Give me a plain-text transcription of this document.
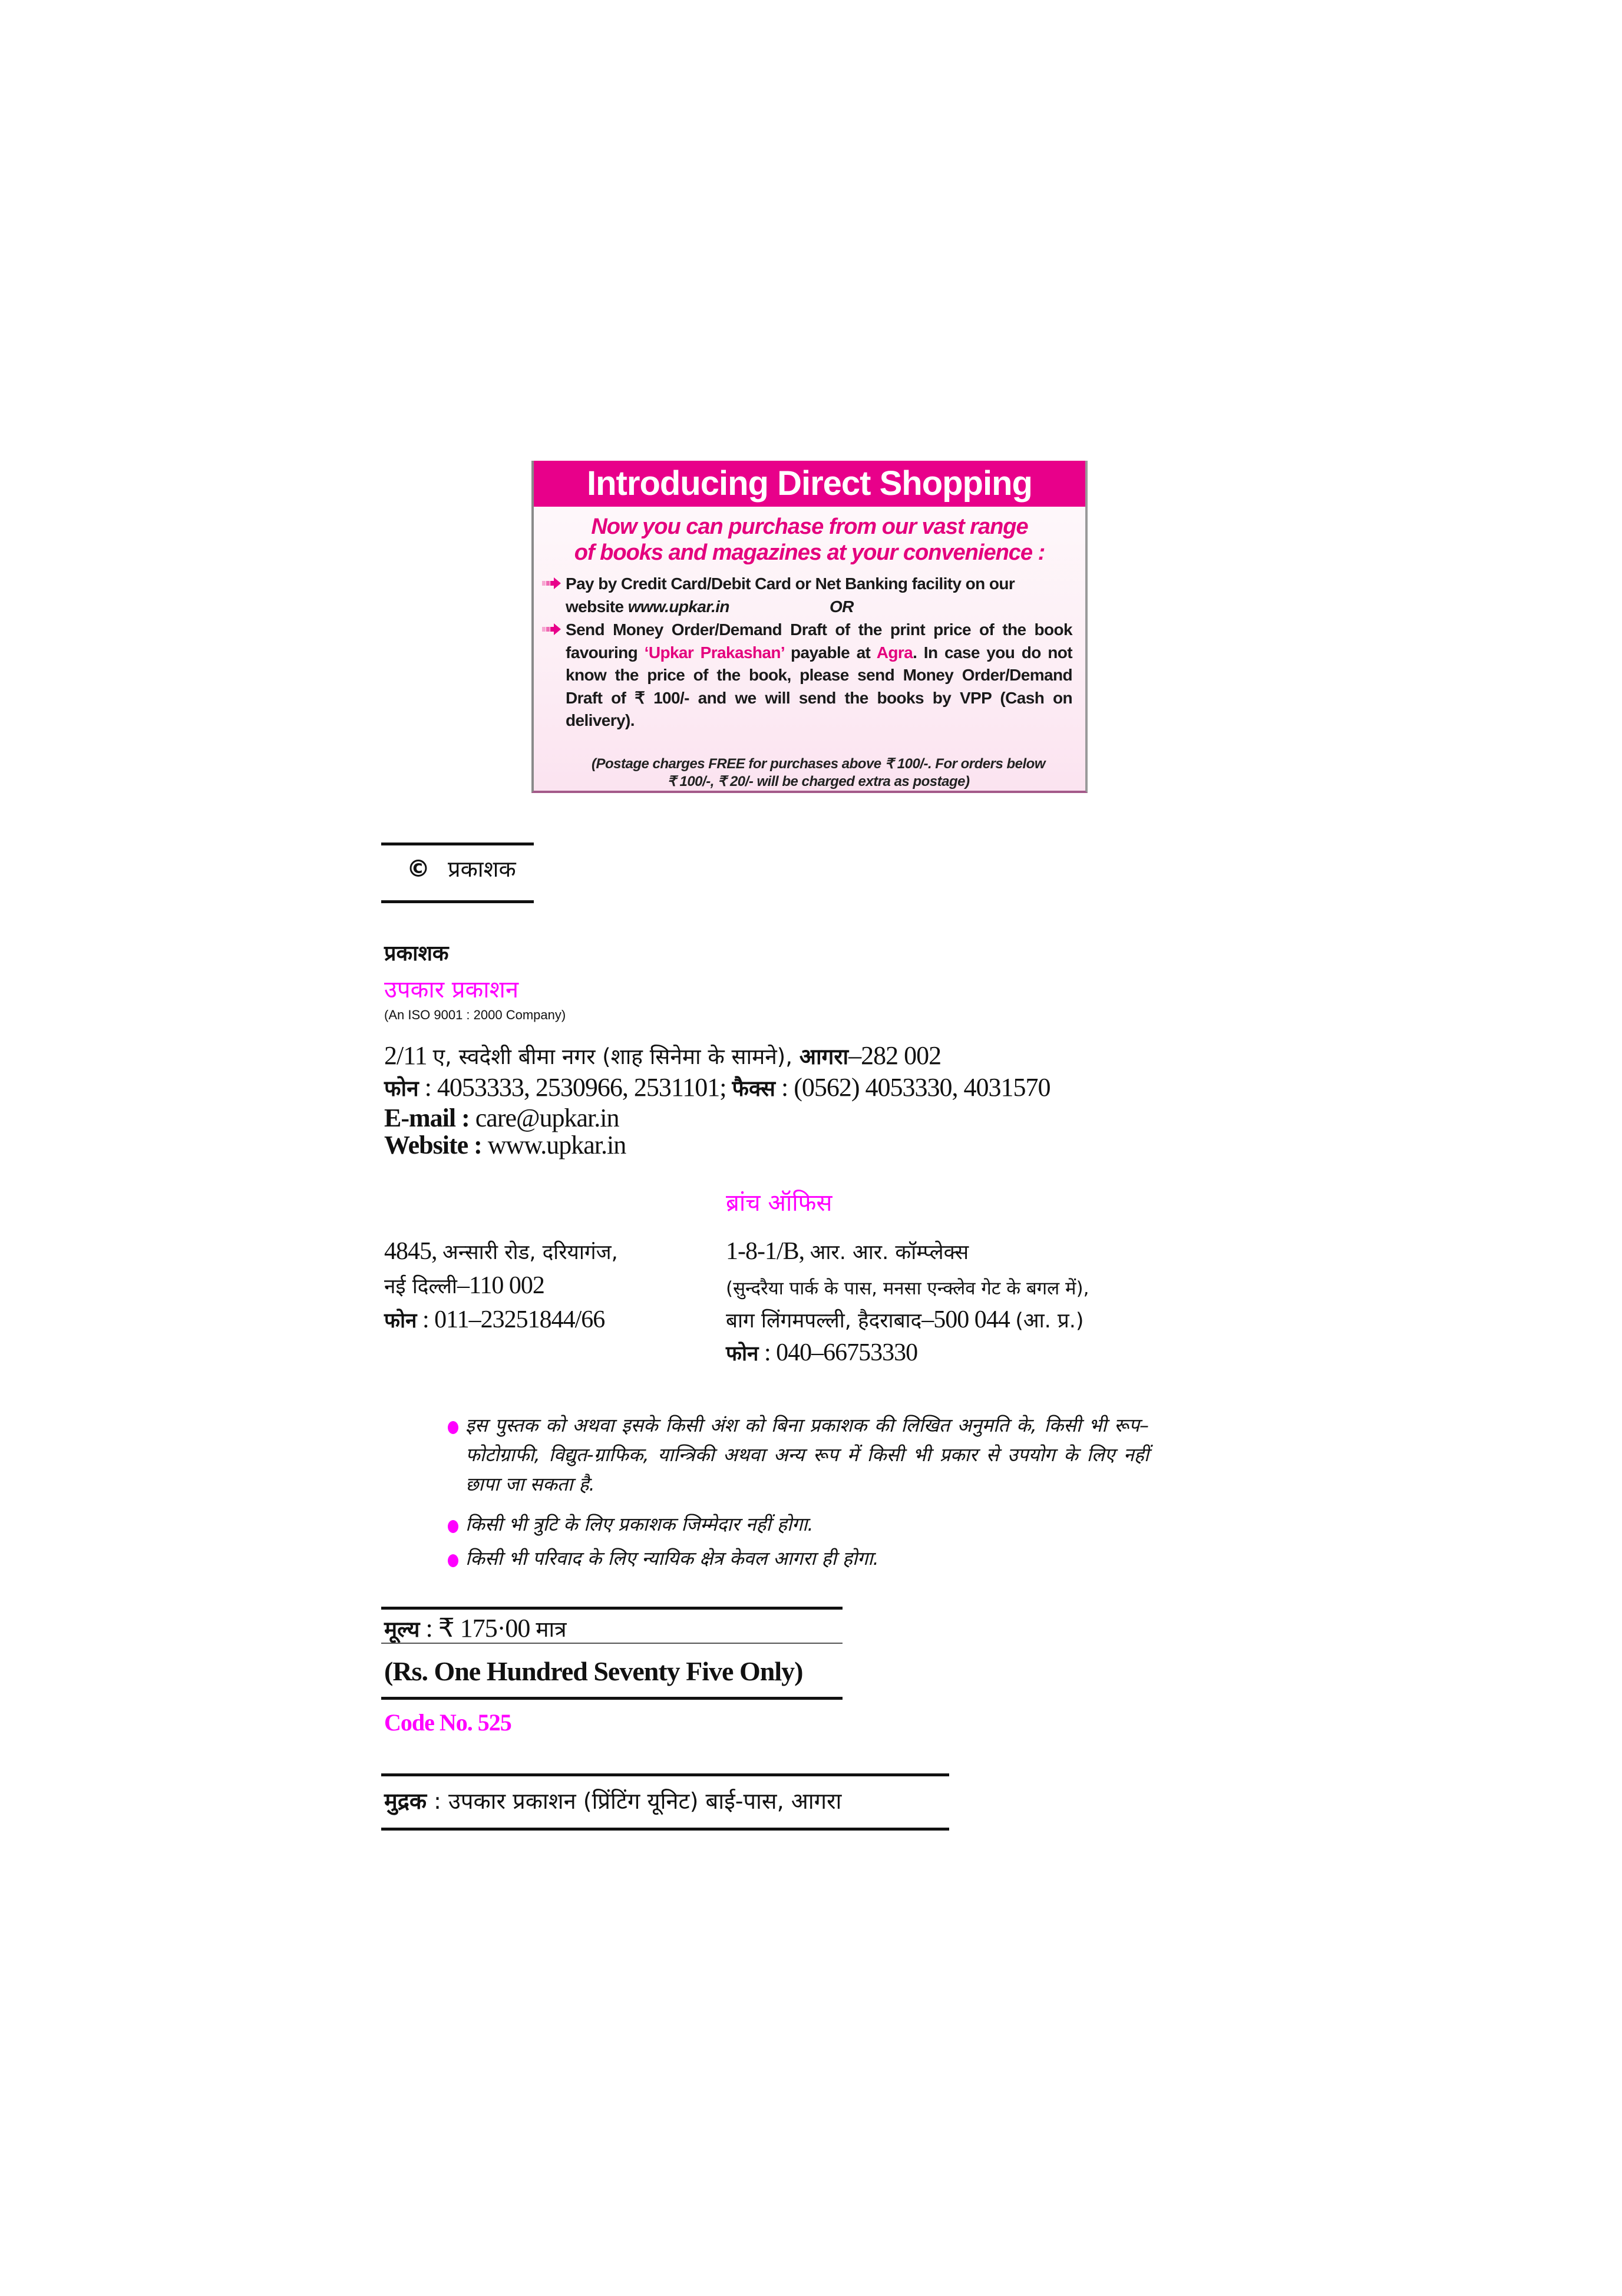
Introducing Direct Shopping
Now you can purchase from our vast range
of books and magazines at your convenience :
Pay by Credit Card/Debit Card or Net Banking facility on our
website www.upkar.in	OR
Send Money Order/Demand Draft of the print price of the book favouring ‘Upkar Prakashan’ payable at Agra. In case you do not know the price of the book, please send Money Order/Demand Draft of ₹ 100/- and we will send the books by VPP (Cash on delivery).
(Postage charges FREE for purchases above ₹ 100/-. For orders below
₹ 100/-, ₹ 20/- will be charged extra as postage)
© प्रकाशक
प्रकाशक
उपकार प्रकाशन
(An ISO 9001 : 2000 Company)
2/11 ए, स्वदेशी बीमा नगर (शाह सिनेमा के सामने), आगरा–282 002
फोन : 4053333, 2530966, 2531101; फैक्स : (0562) 4053330, 4031570
E-mail : care@upkar.in
Website : www.upkar.in
ब्रांच ऑफिस
4845, अन्सारी रोड, दरियागंज,
नई दिल्ली–110 002
फोन : 011–23251844/66
1-8-1/B, आर. आर. कॉम्प्लेक्स
(सुन्दरैया पार्क के पास, मनसा एन्क्लेव गेट के बगल में),
बाग लिंगमपल्ली, हैदराबाद–500 044 (आ. प्र.)
फोन : 040–66753330
इस पुस्तक को अथवा इसके किसी अंश को बिना प्रकाशक की लिखित अनुमति के, किसी भी रूप–फोटोग्राफी, विद्युत-ग्राफिक, यान्त्रिकी अथवा अन्य रूप में किसी भी प्रकार से उपयोग के लिए नहीं छापा जा सकता है.
किसी भी त्रुटि के लिए प्रकाशक जिम्मेदार नहीं होगा.
किसी भी परिवाद के लिए न्यायिक क्षेत्र केवल आगरा ही होगा.
मूल्य : ₹ 175·00 मात्र
(Rs. One Hundred Seventy Five Only)
Code No. 525
मुद्रक : उपकार प्रकाशन (प्रिंटिंग यूनिट) बाई-पास, आगरा
